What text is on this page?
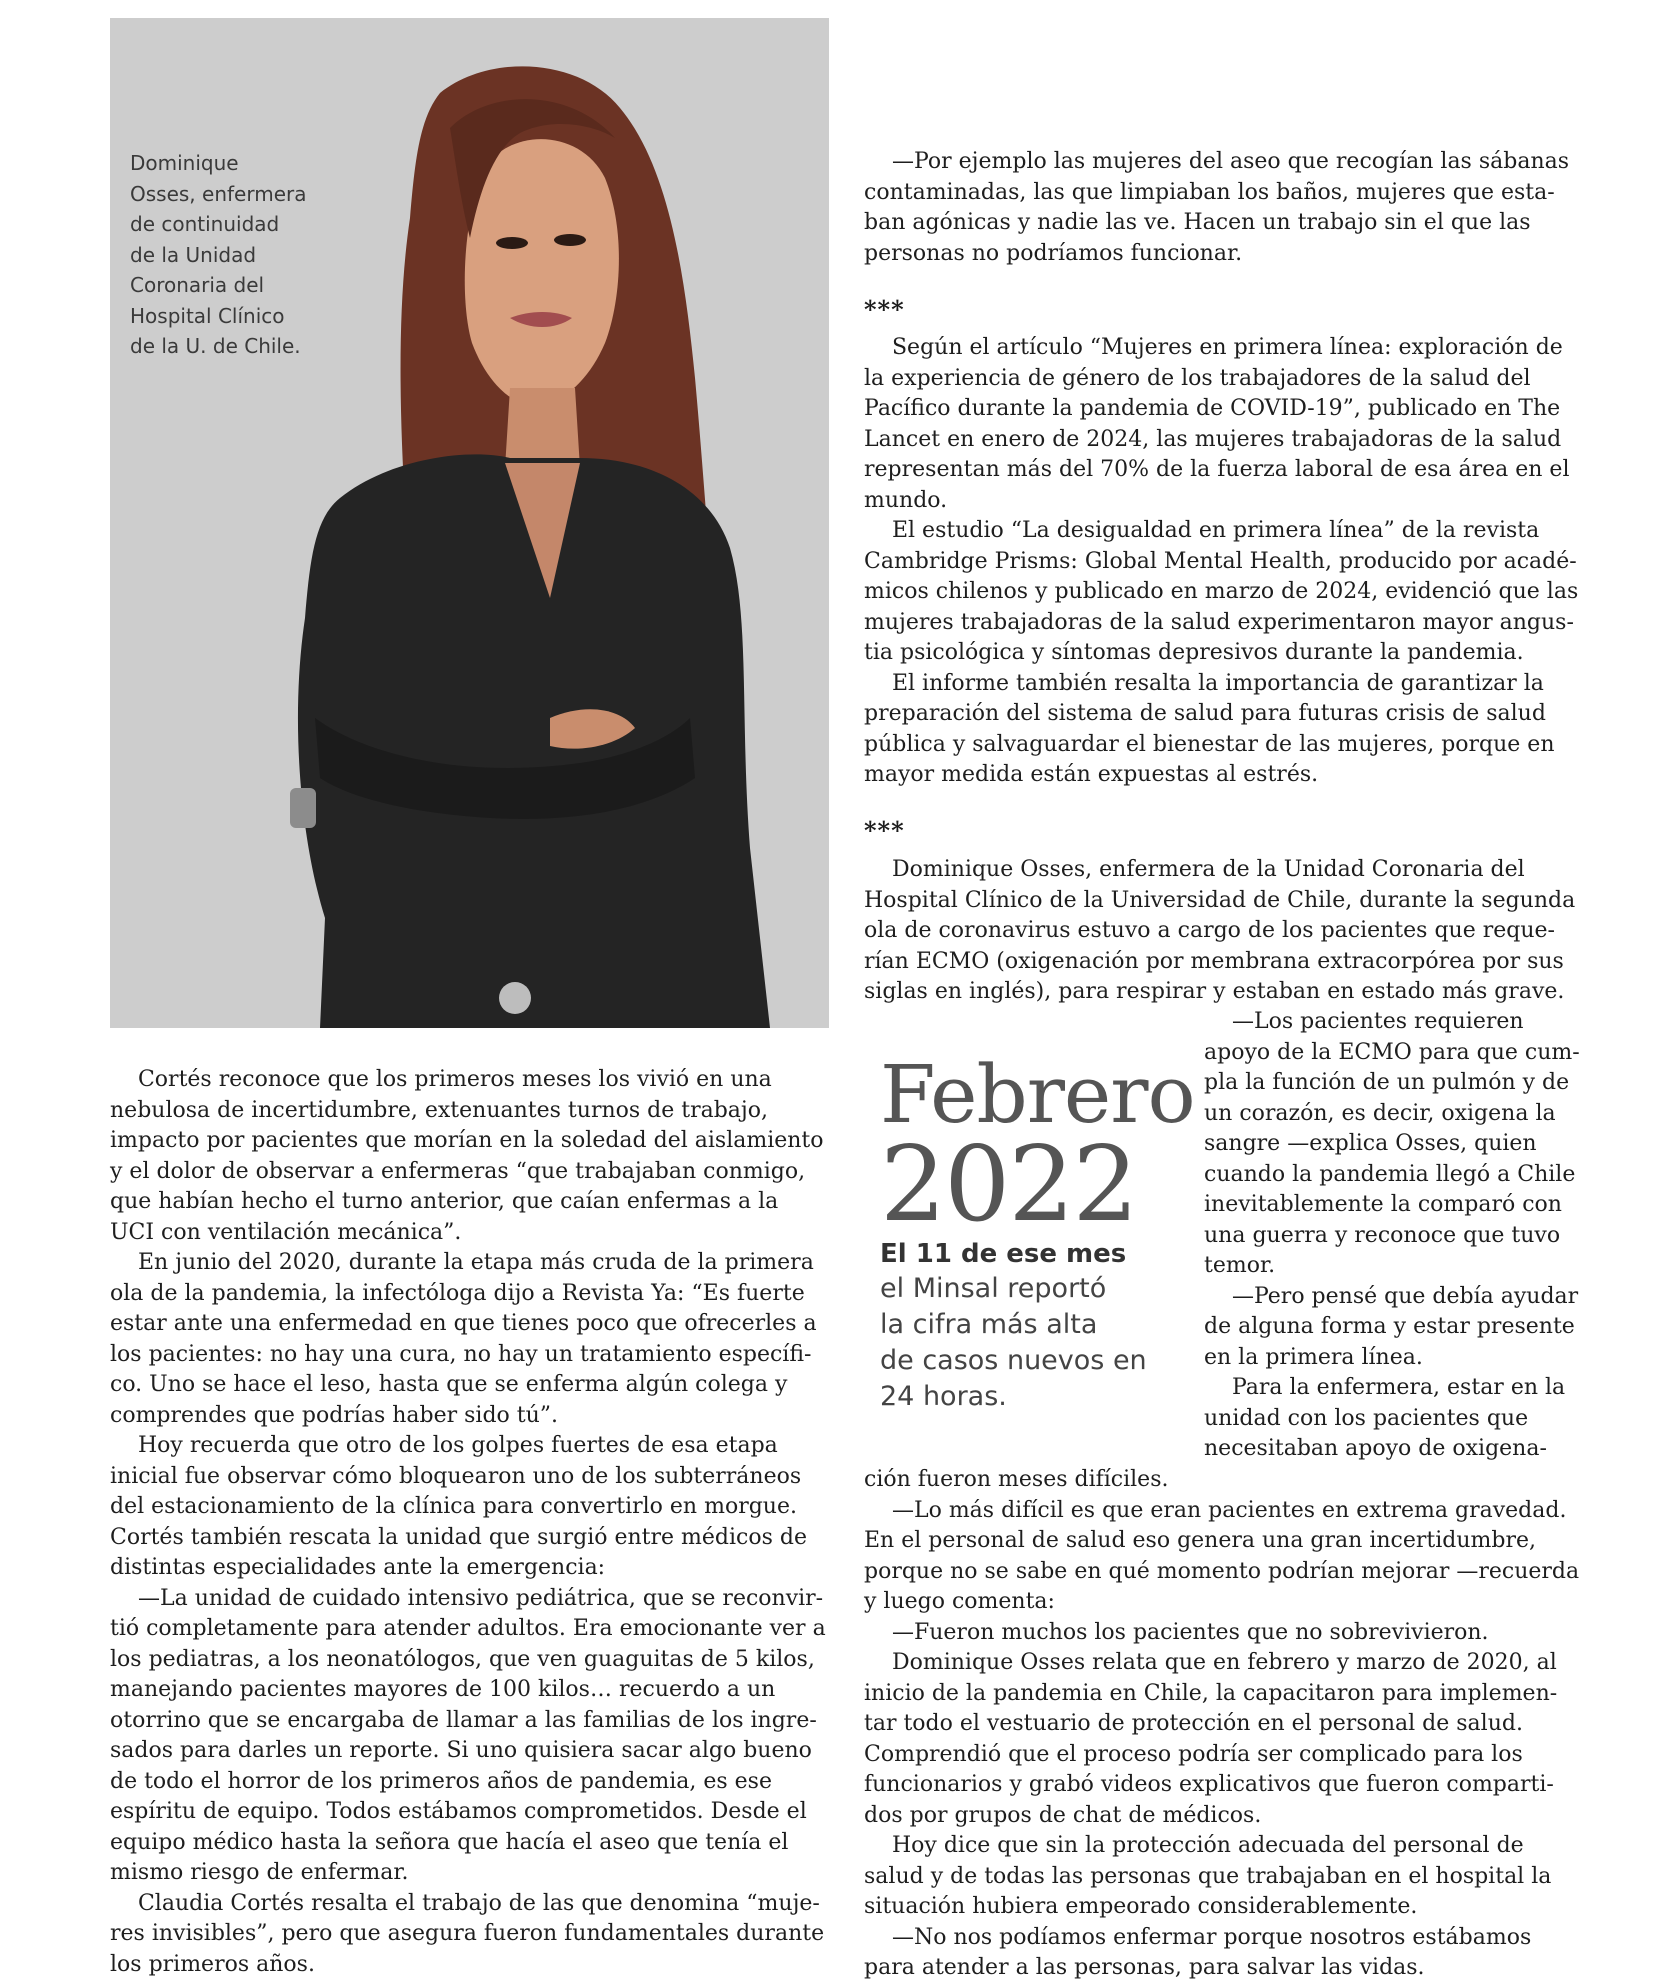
Dominique
Osses, enfermera
de continuidad
de la Unidad
Coronaria del
Hospital Clínico
de la U. de Chile.

—Por ejemplo las mujeres del aseo que recogían las sábanas

contaminadas, las que limpiaban los baños, mujeres que esta-

ban agónicas y nadie las ve. Hacen un trabajo sin el que las

personas no podríamos funcionar.

***

Según el artículo “Mujeres en primera línea: exploración de

la experiencia de género de los trabajadores de la salud del

Pacífico durante la pandemia de COVID-19”, publicado en The

Lancet en enero de 2024, las mujeres trabajadoras de la salud

representan más del 70% de la fuerza laboral de esa área en el

mundo.

El estudio “La desigualdad en primera línea” de la revista

Cambridge Prisms: Global Mental Health, producido por acadé-

micos chilenos y publicado en marzo de 2024, evidenció que las

mujeres trabajadoras de la salud experimentaron mayor angus-

tia psicológica y síntomas depresivos durante la pandemia.

El informe también resalta la importancia de garantizar la

preparación del sistema de salud para futuras crisis de salud

pública y salvaguardar el bienestar de las mujeres, porque en

mayor medida están expuestas al estrés.

***

Dominique Osses, enfermera de la Unidad Coronaria del

Hospital Clínico de la Universidad de Chile, durante la segunda

ola de coronavirus estuvo a cargo de los pacientes que reque-

rían ECMO (oxigenación por membrana extracorpórea por sus

siglas en inglés), para respirar y estaban en estado más grave.

Febrero
2022
El 11 de ese mes
el Minsal reportó
la cifra más alta
de casos nuevos en
24 horas.

—Los pacientes requieren

apoyo de la ECMO para que cum-

pla la función de un pulmón y de

un corazón, es decir, oxigena la

sangre —explica Osses, quien

cuando la pandemia llegó a Chile

inevitablemente la comparó con

una guerra y reconoce que tuvo

temor.

—Pero pensé que debía ayudar

de alguna forma y estar presente

en la primera línea.

Para la enfermera, estar en la

unidad con los pacientes que

necesitaban apoyo de oxigena-

ción fueron meses difíciles.

—Lo más difícil es que eran pacientes en extrema gravedad.

En el personal de salud eso genera una gran incertidumbre,

porque no se sabe en qué momento podrían mejorar —recuerda

y luego comenta:

—Fueron muchos los pacientes que no sobrevivieron.

Dominique Osses relata que en febrero y marzo de 2020, al

inicio de la pandemia en Chile, la capacitaron para implemen-

tar todo el vestuario de protección en el personal de salud.

Comprendió que el proceso podría ser complicado para los

funcionarios y grabó videos explicativos que fueron comparti-

dos por grupos de chat de médicos.

Hoy dice que sin la protección adecuada del personal de

salud y de todas las personas que trabajaban en el hospital la

situación hubiera empeorado considerablemente.

—No nos podíamos enfermar porque nosotros estábamos

para atender a las personas, para salvar las vidas.

Cortés reconoce que los primeros meses los vivió en una

nebulosa de incertidumbre, extenuantes turnos de trabajo,

impacto por pacientes que morían en la soledad del aislamiento

y el dolor de observar a enfermeras “que trabajaban conmigo,

que habían hecho el turno anterior, que caían enfermas a la

UCI con ventilación mecánica”.

En junio del 2020, durante la etapa más cruda de la primera

ola de la pandemia, la infectóloga dijo a Revista Ya: “Es fuerte

estar ante una enfermedad en que tienes poco que ofrecerles a

los pacientes: no hay una cura, no hay un tratamiento específi-

co. Uno se hace el leso, hasta que se enferma algún colega y

comprendes que podrías haber sido tú”.

Hoy recuerda que otro de los golpes fuertes de esa etapa

inicial fue observar cómo bloquearon uno de los subterráneos

del estacionamiento de la clínica para convertirlo en morgue.

Cortés también rescata la unidad que surgió entre médicos de

distintas especialidades ante la emergencia:

—La unidad de cuidado intensivo pediátrica, que se reconvir-

tió completamente para atender adultos. Era emocionante ver a

los pediatras, a los neonatólogos, que ven guaguitas de 5 kilos,

manejando pacientes mayores de 100 kilos… recuerdo a un

otorrino que se encargaba de llamar a las familias de los ingre-

sados para darles un reporte. Si uno quisiera sacar algo bueno

de todo el horror de los primeros años de pandemia, es ese

espíritu de equipo. Todos estábamos comprometidos. Desde el

equipo médico hasta la señora que hacía el aseo que tenía el

mismo riesgo de enfermar.

Claudia Cortés resalta el trabajo de las que denomina “muje-

res invisibles”, pero que asegura fueron fundamentales durante

los primeros años.
